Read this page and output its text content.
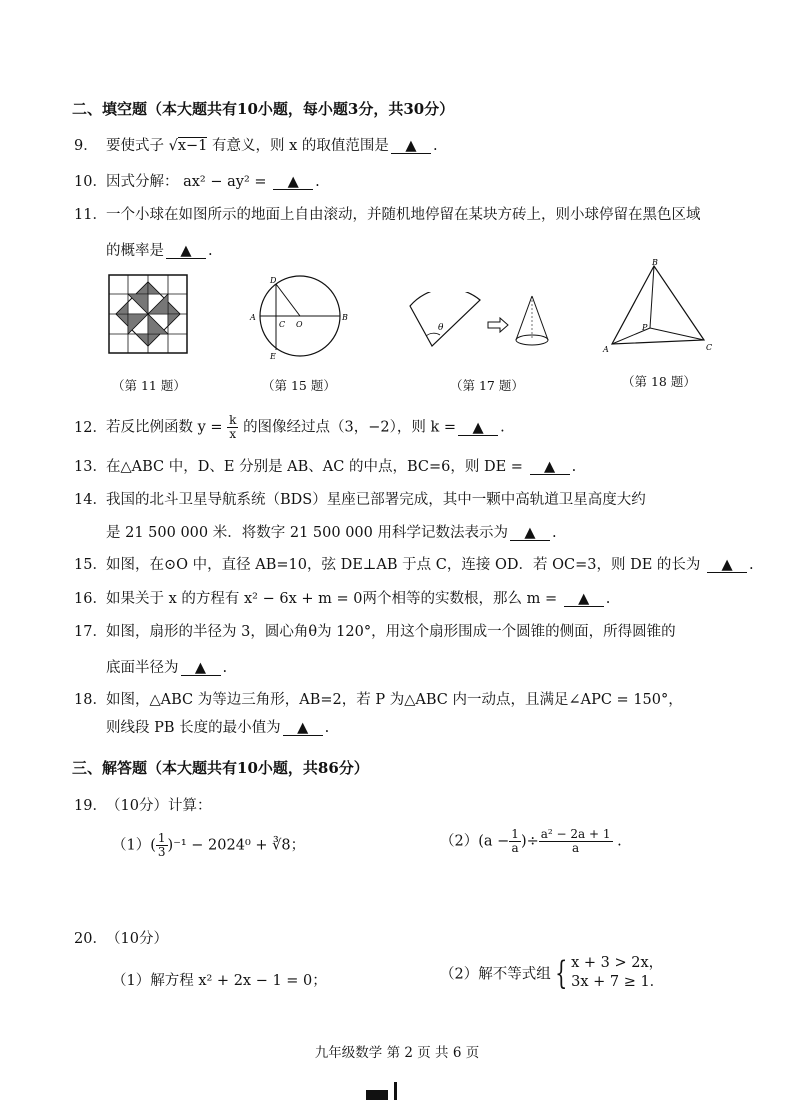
二、填空题（本大题共有10小题，每小题3分，共30分）
9． 要使式子 √x−1 有意义，则 x 的取值范围是 ▲ .
10．因式分解： ax² − ay² = ▲ .
11．一个小球在如图所示的地面上自由滚动，并随机地停留在某块方砖上，则小球停留在黑色区域
的概率是 ▲ .
（第 11 题）
A	B
C O
D
E
（第 15 题）
θ
（第 17 题）
B
A	C
P
（第 18 题）
12．若反比例函数 $y = \frac{k}{x}$ 的图像经过点（3，−2），则 k = ▲ .
13．在△ABC 中，D、E 分别是 AB、AC 的中点，BC=6，则 DE = ▲ .
14．我国的北斗卫星导航系统（BDS）星座已部署完成，其中一颗中高轨道卫星高度大约
是 21 500 000 米．将数字 21 500 000 用科学记数法表示为 ▲ .
15．如图，在⊙O 中，直径 AB=10，弦 DE⊥AB 于点 C，连接 OD．若 OC=3，则 DE 的长为 ▲ .
16．如果关于 x 的方程有 x² − 6x + m = 0两个相等的实数根，那么 m = ▲ .
17．如图，扇形的半径为 3，圆心角θ为 120°，用这个扇形围成一个圆锥的侧面，所得圆锥的
底面半径为 ▲ .
18．如图，△ABC 为等边三角形，AB=2，若 P 为△ABC 内一动点，且满足∠APC = 150°，
则线段 PB 长度的最小值为 ▲ .
三、解答题（本大题共有10小题，共86分）
19．（10分）计算：
$(1)( \frac{1}{3} )^{-1} - 2024^0$ + ∛8；	$(2)(a - \frac{1}{a}$ )÷ $\frac{\text{a² − 2a + 1}}{a}$ .
20．（10分）
（1）解方程 x² + 2x − 1 = 0；	（2）解不等式组 { x + 3 > 2x，
3x + 7 ≥ 1．
九年级数学 第 2 页 共 6 页
